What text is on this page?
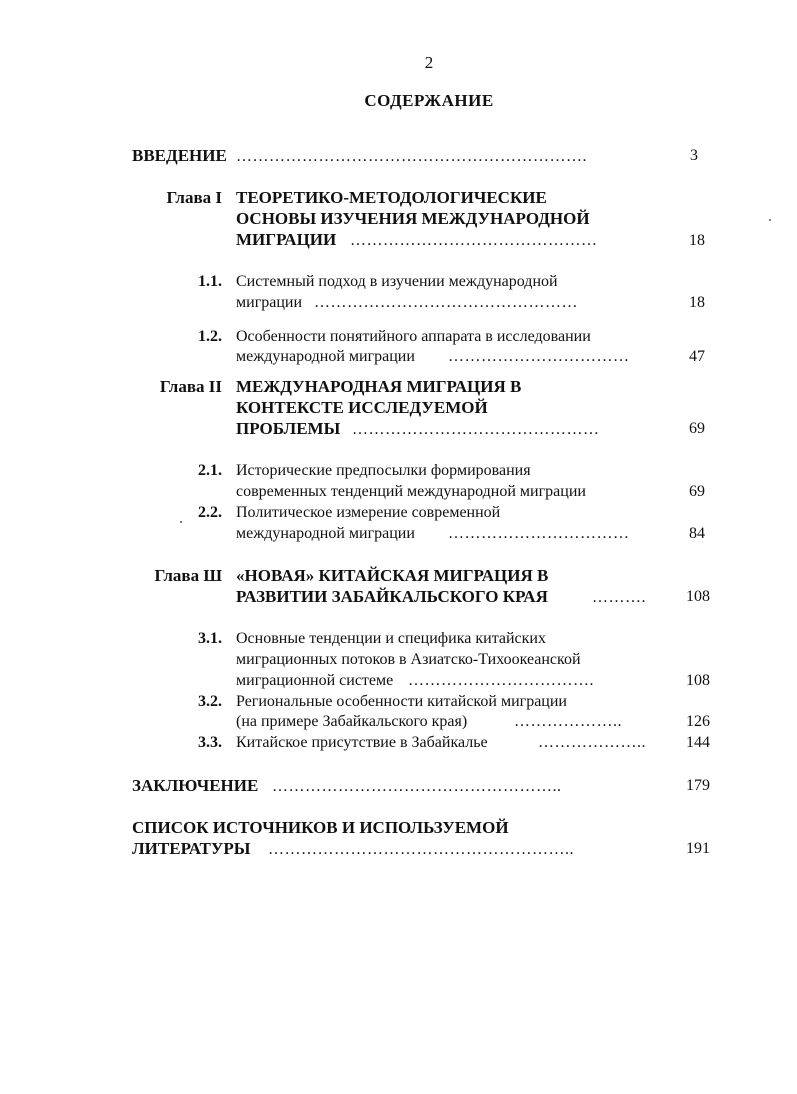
2
СОДЕРЖАНИЕ
ВВЕДЕНИЕ ……………………………………………………….	3
Глава I ТЕОРЕТИКО-МЕТОДОЛОГИЧЕСКИЕ
ОСНОВЫ ИЗУЧЕНИЯ МЕЖДУНАРОДНОЙ
МИГРАЦИИ ………………………………………	18
1.1. Системный подход в изучении международной
миграции …………………………………………	18
1.2. Особенности понятийного аппарата в исследовании
международной миграции ……………………………	47
Глава II МЕЖДУНАРОДНАЯ МИГРАЦИЯ В
КОНТЕКСТЕ ИССЛЕДУЕМОЙ
ПРОБЛЕМЫ ………………………………………	69
2.1. Исторические предпосылки формирования
современных тенденций международной миграции	69
2.2. Политическое измерение современной
международной миграции ……………………………	84
Глава Ш «НОВАЯ» КИТАЙСКАЯ МИГРАЦИЯ В
РАЗВИТИИ ЗАБАЙКАЛЬСКОГО КРАЯ	……….	108
3.1. Основные тенденции и специфика китайских
миграционных потоков в Азиатско-Тихоокеанской
миграционной системе …………………………….	108
3.2. Региональные особенности китайской миграции
(на примере Забайкальского края)	………………..	126
3.3. Китайское присутствие в Забайкалье	………………..	144
ЗАКЛЮЧЕНИЕ ……………………………………………..	179
СПИСОК ИСТОЧНИКОВ И ИСПОЛЬЗУЕМОЙ
ЛИТЕРАТУРЫ ………………………………………………..	191
